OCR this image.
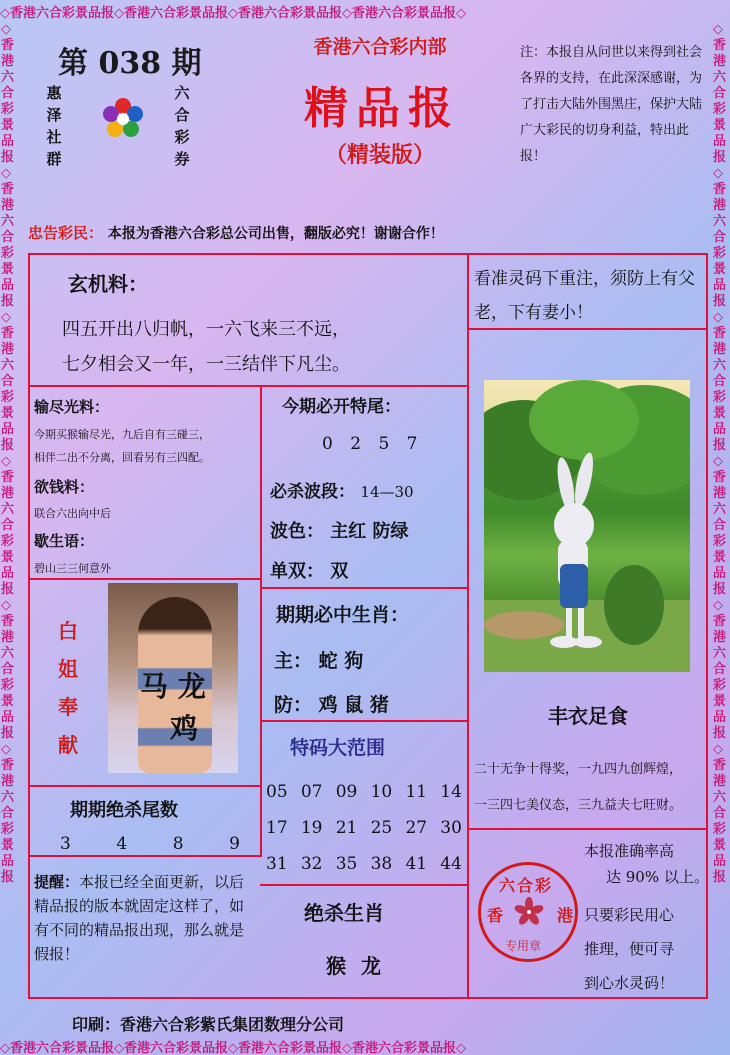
◇香港六合彩景品报◇香港六合彩景品报◇香港六合彩景品报◇香港六合彩景品报◇
◇香港六合彩景品报◇香港六合彩景品报◇香港六合彩景品报◇香港六合彩景品报◇
◇香港六合彩景品报◇香港六合彩景品报◇香港六合彩景品报◇香港六合彩景品报◇香港六合彩景品报◇香港六合彩景品报
◇香港六合彩景品报◇香港六合彩景品报◇香港六合彩景品报◇香港六合彩景品报◇香港六合彩景品报◇香港六合彩景品报
第 038 期
惠
泽
社
群
六
合
彩
券
香港六合彩内部
精品报
（精装版）
注：本报自从问世以来得到社会各界的支持，在此深深感谢，为了打击大陆外围黑庄，保护大陆广大彩民的切身利益，特出此报！
忠告彩民： 本报为香港六合彩总公司出售，翻版必究！谢谢合作！
玄机料：
四五开出八归帆，一六飞来三不远，
七夕相会又一年，一三结伴下凡尘。
看准灵码下重注，须防上有父老，下有妻小！
输尽光料：
今期买猴输尽光，九后自有三碰三，
相伴二出不分离，回看另有三四配。
欲钱料：
联合六出向中后
歇生语：
碧山三三何意外
今期必开特尾：
0 2 5 7
必杀波段： 14—30
波色： 主红 防绿
单双： 双
白
姐
奉
献
马 龙
鸡
期期必中生肖：
主： 蛇 狗
防： 鸡 鼠 猪	丰衣足食
二十无争十得奖，一九四九创辉煌，
一三四七美仪态，三九益夫七旺财。
期期绝杀尾数
3	4	8	9
特码大范围
05 07 09 10 11 14
17 19 21 25 27 30
31 32 35 38 41 44
本报准确率高
达 90% 以上。
只要彩民用心
推理，便可寻
到心水灵码！
六合彩
香	港
专用章
提醒：本报已经全面更新，以后精品报的版本就固定这样了，如有不同的精品报出现，那么就是假报！
绝杀生肖
猴 龙
印刷：香港六合彩紫氏集团数理分公司
